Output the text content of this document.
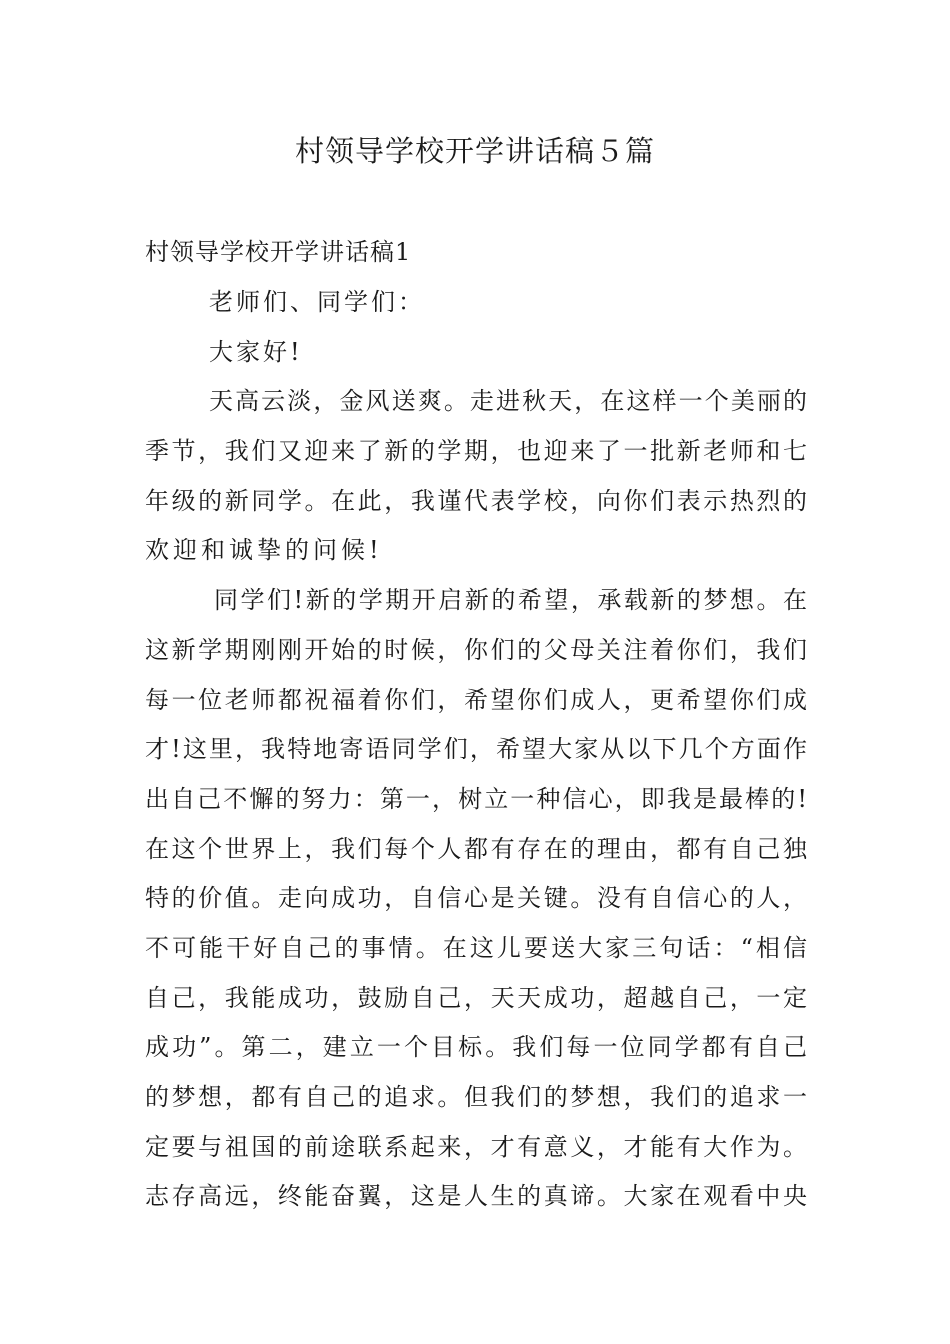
村领导学校开学讲话稿５篇

村领导学校开学讲话稿1

老师们、同学们：

大家好!

天高云淡，金风送爽。走进秋天，在这样一个美丽的

季节，我们又迎来了新的学期，也迎来了一批新老师和七

年级的新同学。在此，我谨代表学校，向你们表示热烈的

欢迎和诚挚的问候!

同学们!新的学期开启新的希望，承载新的梦想。在

这新学期刚刚开始的时候，你们的父母关注着你们，我们

每一位老师都祝福着你们，希望你们成人，更希望你们成

才!这里，我特地寄语同学们，希望大家从以下几个方面作

出自己不懈的努力：第一，树立一种信心，即我是最棒的!

在这个世界上，我们每个人都有存在的理由，都有自己独

特的价值。走向成功，自信心是关键。没有自信心的人，

不可能干好自己的事情。在这儿要送大家三句话：“相信

自己，我能成功，鼓励自己，天天成功，超越自己，一定

成功”。第二，建立一个目标。我们每一位同学都有自己

的梦想，都有自己的追求。但我们的梦想，我们的追求一

定要与祖国的前途联系起来，才有意义，才能有大作为。

志存高远，终能奋翼，这是人生的真谛。大家在观看中央
